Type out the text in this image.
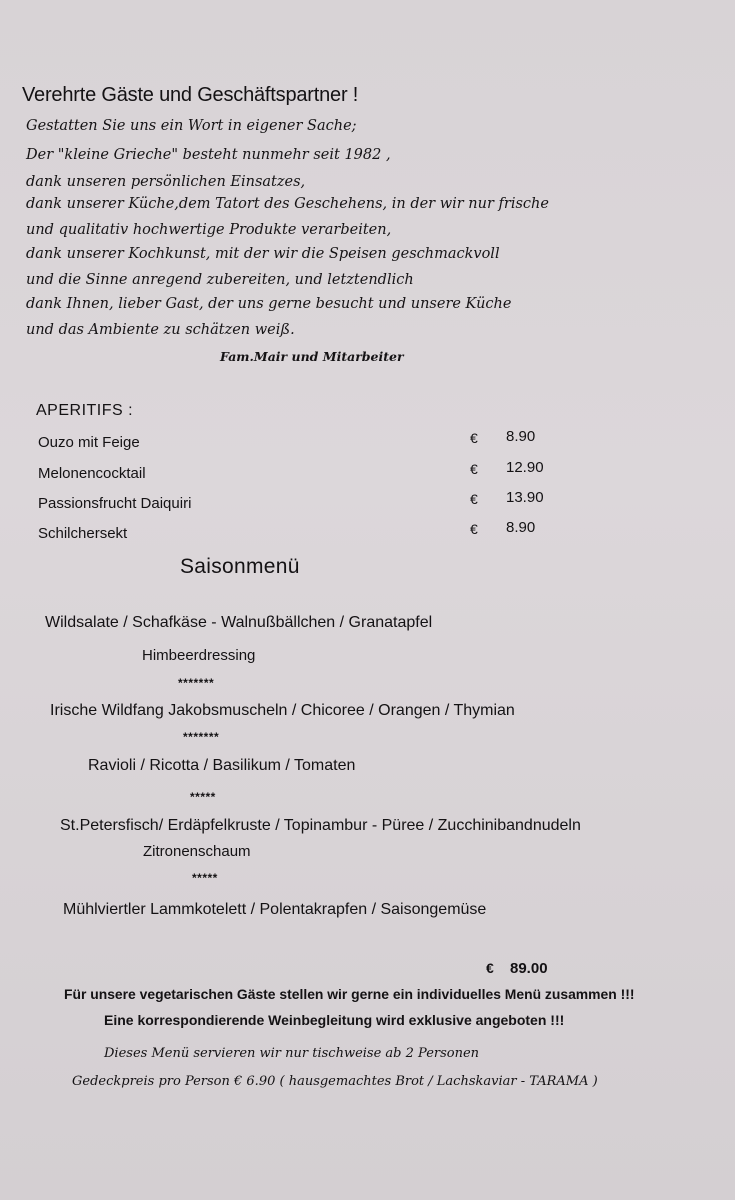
Verehrte Gäste und Geschäftspartner !
Gestatten Sie uns ein Wort in eigener Sache;
Der "kleine Grieche" besteht nunmehr seit 1982 ,
dank unseren persönlichen Einsatzes,
dank unserer Küche,dem Tatort des Geschehens, in der wir nur frische
und qualitativ hochwertige Produkte verarbeiten,
dank unserer Kochkunst, mit der wir die Speisen geschmackvoll
und die Sinne anregend zubereiten, und letztendlich
dank Ihnen, lieber Gast, der uns gerne besucht und unsere Küche
und das Ambiente zu schätzen weiß.
Fam.Mair und Mitarbeiter
APERITIFS :
Ouzo mit Feige	€ 8.90
Melonencocktail	€ 12.90
Passionsfrucht Daiquiri	€ 13.90
Schilchersekt	€ 8.90
Saisonmenü
Wildsalate / Schafkäse - Walnußbällchen / Granatapfel
Himbeerdressing
*******
Irische Wildfang Jakobsmuscheln / Chicoree / Orangen / Thymian
*******
Ravioli / Ricotta / Basilikum / Tomaten
*****
St.Petersfisch/ Erdäpfelkruste / Topinambur - Püree / Zucchinibandnudeln
Zitronenschaum
*****
Mühlviertler Lammkotelett / Polentakrapfen / Saisongemüse
€ 89.00
Für unsere vegetarischen Gäste stellen wir gerne ein individuelles Menü zusammen !!!
Eine korrespondierende Weinbegleitung wird exklusive angeboten !!!
Dieses Menü servieren wir nur tischweise ab 2 Personen
Gedeckpreis pro Person € 6.90 ( hausgemachtes Brot / Lachskaviar - TARAMA )
